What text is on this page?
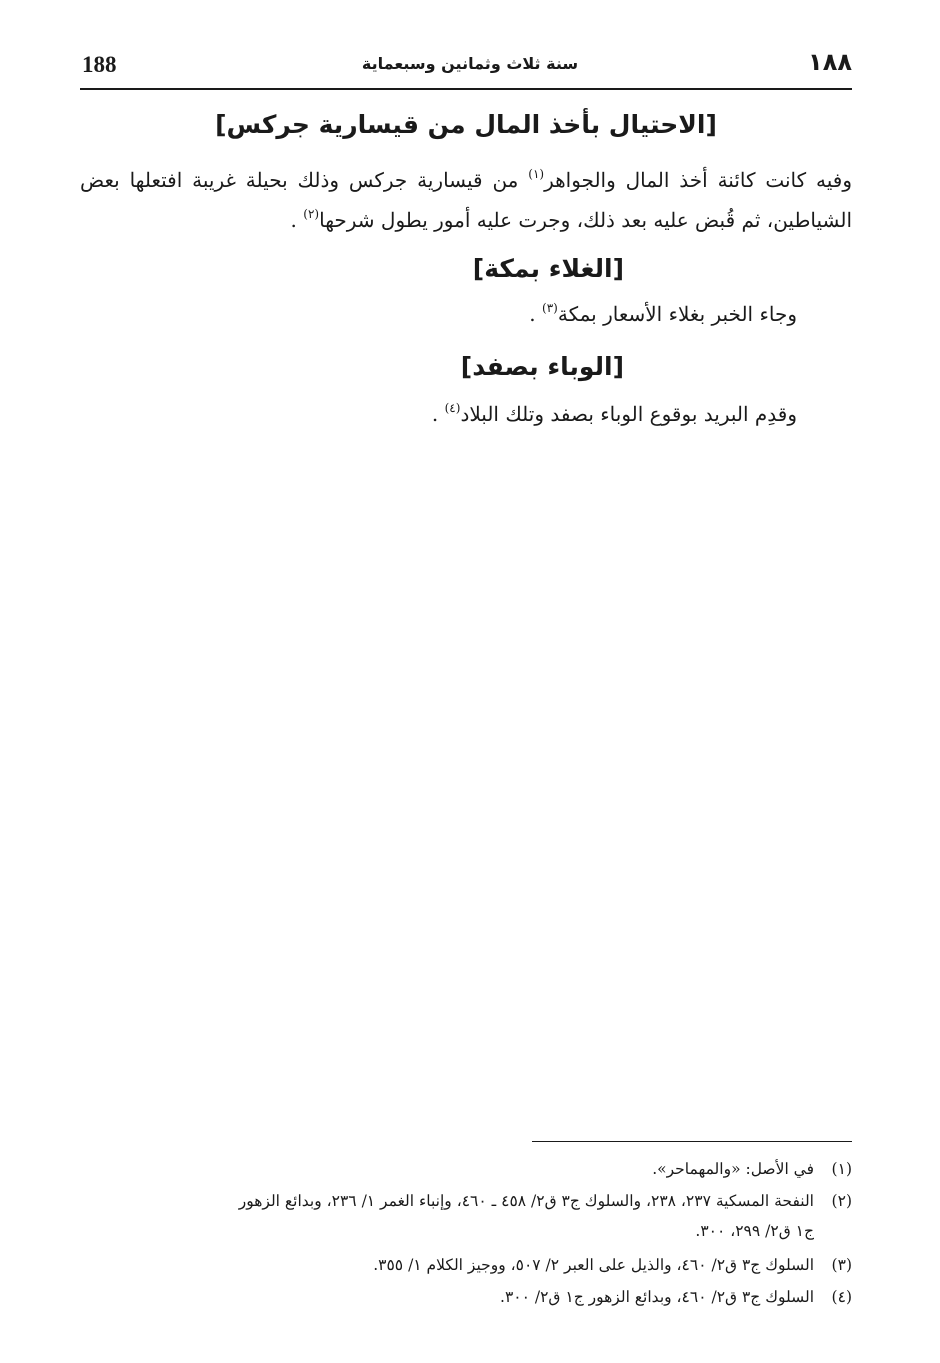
188	سنة ثلاث وثمانين وسبعماية	١٨٨
[الاحتيال بأخذ المال من قيسارية جركس]
وفيه كانت كائنة أخذ المال والجواهر$^{(١)}$ من قيسارية جركس وذلك بحيلة غريبة افتعلها بعض الشياطين، ثم قُبض عليه بعد ذلك، وجرت عليه أمور يطول شرحها$^{(٢)}$ .
[الغلاء بمكة]
وجاء الخبر بغلاء الأسعار بمكة$^{(٣)}$ .
[الوباء بصفد]
وقدِم البريد بوقوع الوباء بصفد وتلك البلاد$^{(٤)}$ .
(١)في الأصل: «والمهماحر».
(٢)النفحة المسكية ٢٣٧، ٢٣٨، والسلوك ج٣ ق٢/ ٤٥٨ ـ ٤٦٠، وإنباء الغمر ١/ ٢٣٦، وبدائع الزهور
ج١ ق٢/ ٢٩٩، ٣٠٠.
(٣)السلوك ج٣ ق٢/ ٤٦٠، والذيل على العبر ٢/ ٥٠٧، ووجيز الكلام ١/ ٣٥٥.
(٤)السلوك ج٣ ق٢/ ٤٦٠، وبدائع الزهور ج١ ق٢/ ٣٠٠.
